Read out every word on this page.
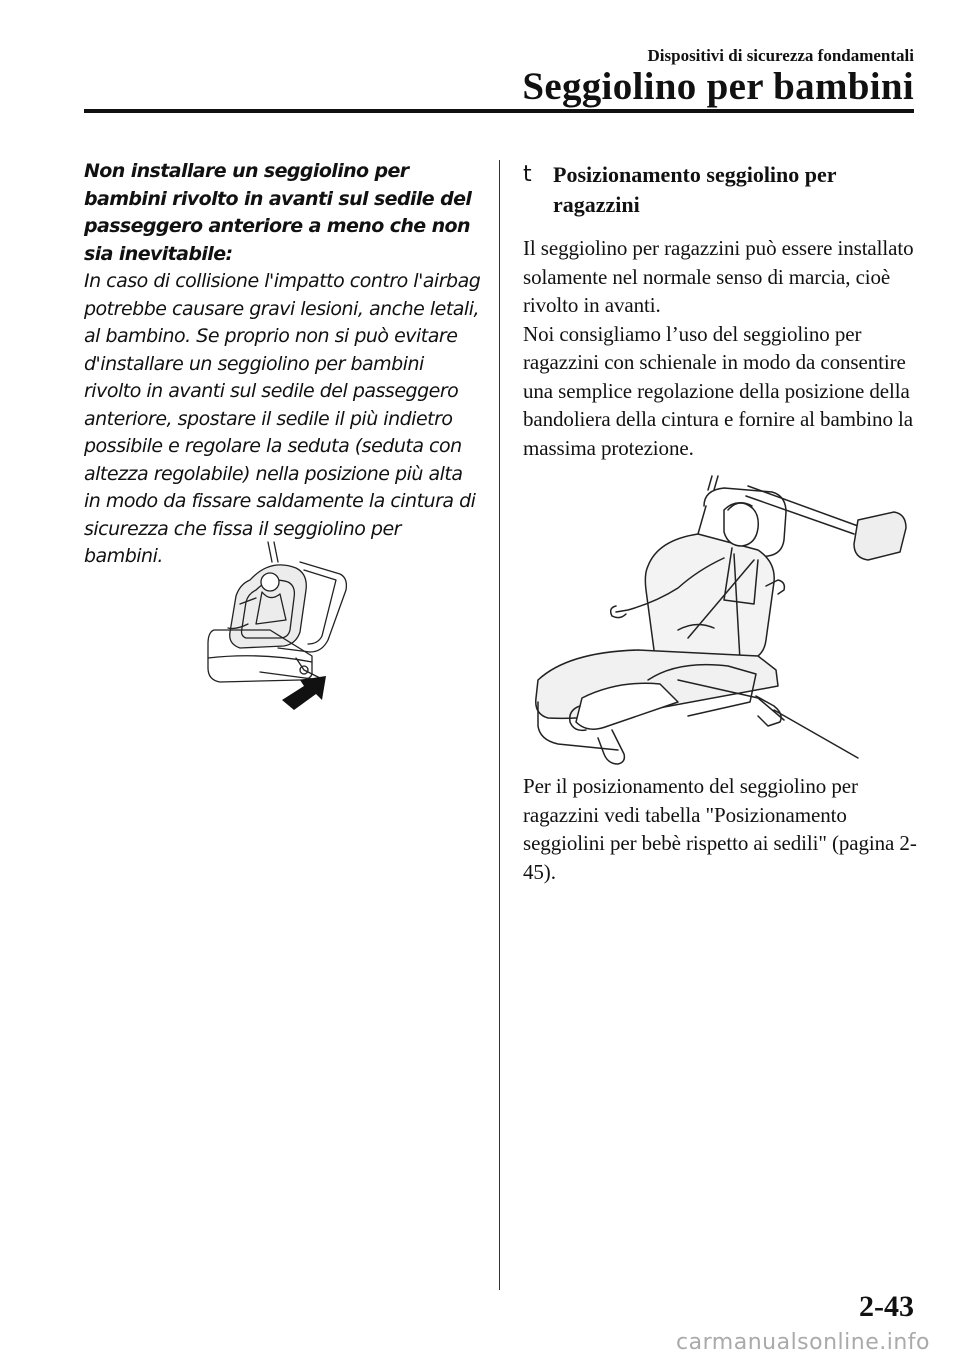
Dispositivi di sicurezza fondamentali
Seggiolino per bambini

Non installare un seggiolino per bambini rivolto in avanti sul sedile del passeggero anteriore a meno che non sia inevitabile:

In caso di collisione l'impatto contro l'airbag potrebbe causare gravi lesioni, anche letali, al bambino. Se proprio non si può evitare d'installare un seggiolino per bambini rivolto in avanti sul sedile del passeggero anteriore, spostare il sedile il più indietro possibile e regolare la seduta (seduta con altezza regolabile) nella posizione più alta in modo da fissare saldamente la cintura di sicurezza che fissa il seggiolino per bambini.

t Posizionamento seggiolino per ragazzini

Il seggiolino per ragazzini può essere installato solamente nel normale senso di marcia, cioè rivolto in avanti.

Noi consigliamo l’uso del seggiolino per ragazzini con schienale in modo da consentire una semplice regolazione della posizione della bandoliera della cintura e fornire al bambino la massima protezione.

Per il posizionamento del seggiolino per ragazzini vedi tabella "Posizionamento seggiolini per bebè rispetto ai sedili" (pagina 2-45).

2-43
carmanualsonline.info
